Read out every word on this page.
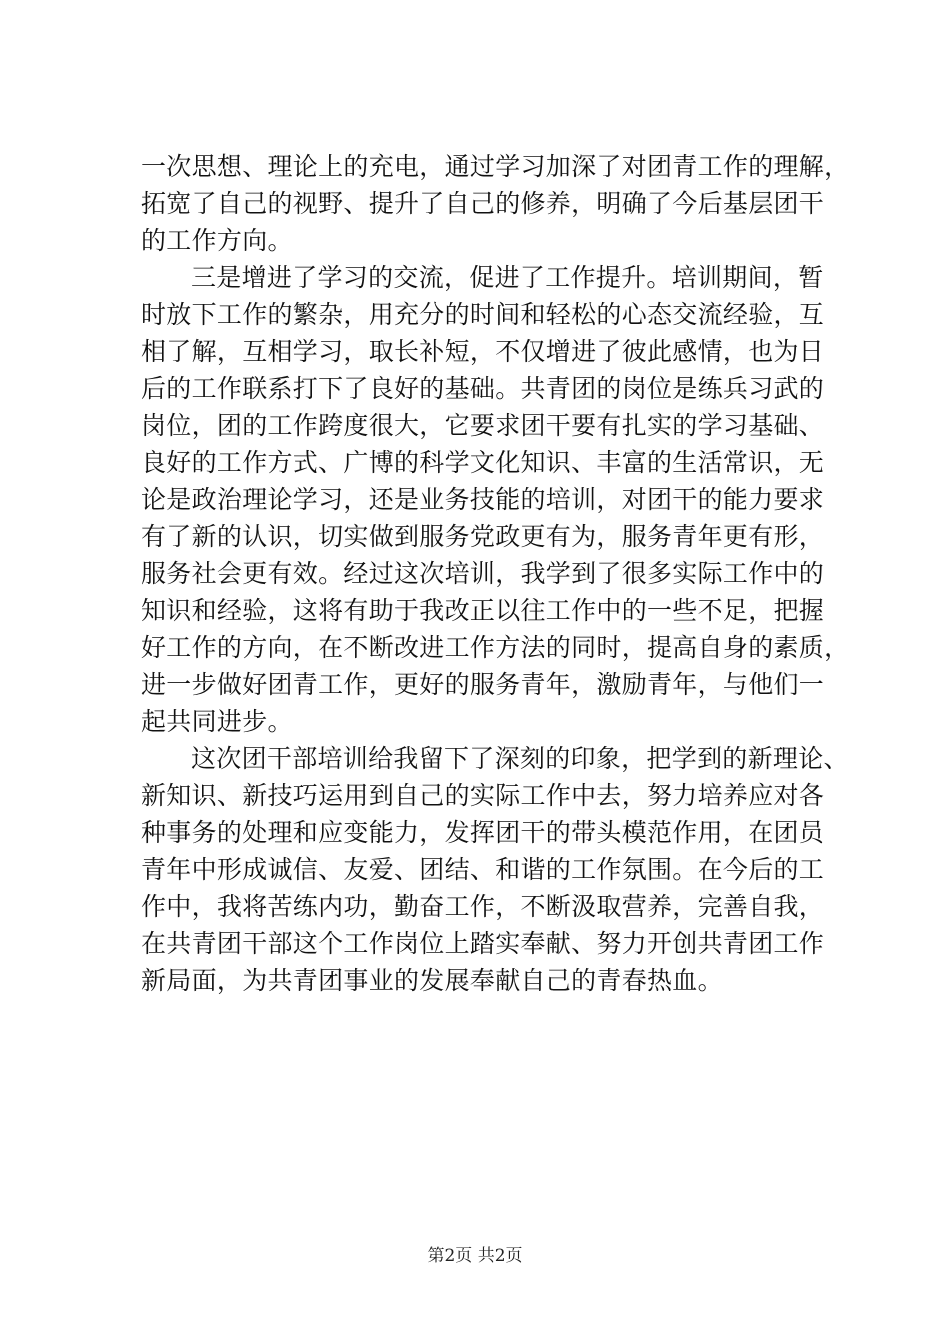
一次思想、理论上的充电，通过学习加深了对团青工作的理解，
拓宽了自己的视野、提升了自己的修养，明确了今后基层团干
的工作方向。
三是增进了学习的交流，促进了工作提升。培训期间，暂
时放下工作的繁杂，用充分的时间和轻松的心态交流经验，互
相了解，互相学习，取长补短，不仅增进了彼此感情，也为日
后的工作联系打下了良好的基础。共青团的岗位是练兵习武的
岗位，团的工作跨度很大，它要求团干要有扎实的学习基础、
良好的工作方式、广博的科学文化知识、丰富的生活常识，无
论是政治理论学习，还是业务技能的培训，对团干的能力要求
有了新的认识，切实做到服务党政更有为，服务青年更有形，
服务社会更有效。经过这次培训，我学到了很多实际工作中的
知识和经验，这将有助于我改正以往工作中的一些不足，把握
好工作的方向，在不断改进工作方法的同时，提高自身的素质，
进一步做好团青工作，更好的服务青年，激励青年，与他们一
起共同进步。
这次团干部培训给我留下了深刻的印象，把学到的新理论、
新知识、新技巧运用到自己的实际工作中去，努力培养应对各
种事务的处理和应变能力，发挥团干的带头模范作用，在团员
青年中形成诚信、友爱、团结、和谐的工作氛围。在今后的工
作中，我将苦练内功，勤奋工作，不断汲取营养，完善自我，
在共青团干部这个工作岗位上踏实奉献、努力开创共青团工作
新局面，为共青团事业的发展奉献自己的青春热血。
第2页 共2页
